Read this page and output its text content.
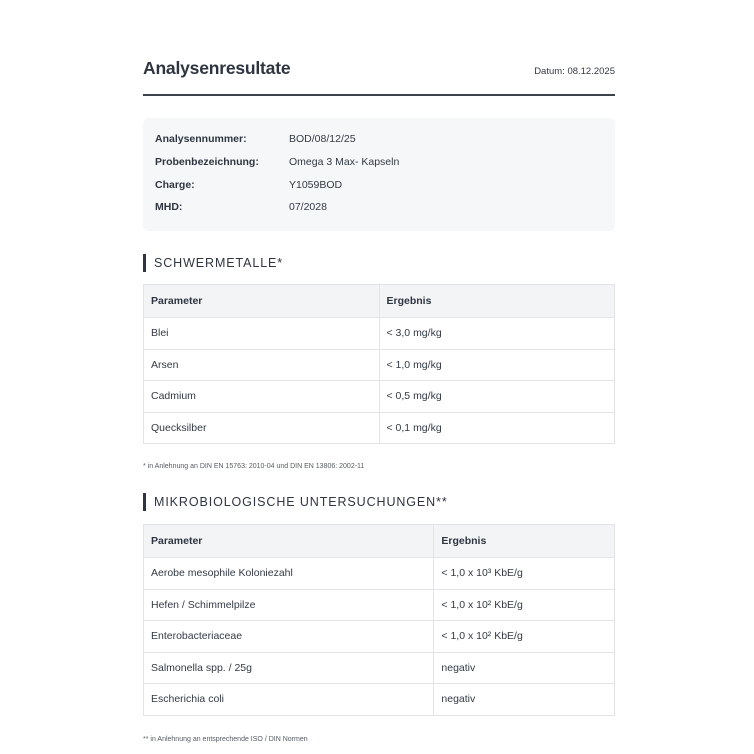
Analysenresultate	Datum: 08.12.2025
Analysennummer:	BOD/08/12/25
Probenbezeichnung:	Omega 3 Max- Kapseln
Charge:	Y1059BOD
MHD:	07/2028
SCHWERMETALLE*
Parameter	Ergebnis
Blei	< 3,0 mg/kg
Arsen	< 1,0 mg/kg
Cadmium	< 0,5 mg/kg
Quecksilber	< 0,1 mg/kg
* in Anlehnung an DIN EN 15763: 2010-04 und DIN EN 13806: 2002-11
MIKROBIOLOGISCHE UNTERSUCHUNGEN**
Parameter	Ergebnis
Aerobe mesophile Koloniezahl	< 1,0 x 10³ KbE/g
Hefen / Schimmelpilze	< 1,0 x 10² KbE/g
Enterobacteriaceae	< 1,0 x 10² KbE/g
Salmonella spp. / 25g	negativ
Escherichia coli	negativ
** in Anlehnung an entsprechende ISO / DIN Normen
